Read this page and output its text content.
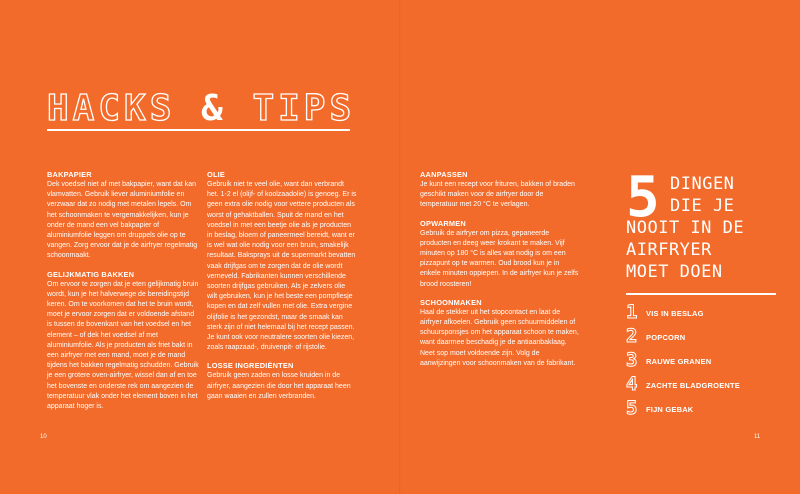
HACKS & TIPS
BAKPAPIER

Dek voedsel niet af met bakpapier, want dat kan vlamvatten. Gebruik liever aluminiumfolie en verzwaar dat zo nodig met metalen lepels. Om het schoonmaken te vergemakkelijken, kun je onder de mand een vel bakpapier of aluminiumfolie leggen om druppels olie op te vangen. Zorg ervoor dat je de airfryer regelmatig schoonmaakt.

GELIJKMATIG BAKKEN

Om ervoor te zorgen dat je eten gelijkmatig bruin wordt, kun je het halverwege de bereidingstijd keren. Om te voorkomen dat het te bruin wordt, moet je ervoor zorgen dat er voldoende afstand is tussen de bovenkant van het voedsel en het element – of dek het voedsel af met aluminiumfolie. Als je producten als friet bakt in een airfryer met een mand, moet je de mand tijdens het bakken regelmatig schudden. Gebruik je een grotere oven-airfryer, wissel dan af en toe het bovenste en onderste rek om aangezien de temperatuur vlak onder het element boven in het apparaat hoger is.

OLIE

Gebruik niet te veel olie, want dan verbrandt het. 1-2 el (olijf- of koolzaadolie) is genoeg. Er is geen extra olie nodig voor vettere producten als worst of gehaktballen. Spuit de mand en het voedsel in met een beetje olie als je producten in beslag, bloem of paneermeel bereidt, want er is wel wat olie nodig voor een bruin, smakelijk resultaat. Baksprays uit de supermarkt bevatten vaak drijfgas om te zorgen dat de olie wordt verneveld. Fabrikanten kunnen verschillende soorten drijfgas gebruiken. Als je zelvers olie wilt gebruiken, kun je het beste een pompflesje kopen en dat zelf vullen met olie. Extra vergine olijfolie is het gezondst, maar de smaak kan sterk zijn of niet helemaal bij het recept passen. Je kunt ook voor neutralere soorten olie kiezen, zoals raapzaad-, druivenpit- of rijstolie.

LOSSE INGREDIËNTEN

Gebruik geen zaden en losse kruiden in de airfryer, aangezien die door het apparaat heen gaan waaien en zullen verbranden.

10
AANPASSEN

Je kunt een recept voor frituren, bakken of braden geschikt maken voor de airfryer door de temperatuur met 20 °C te verlagen.

OPWARMEN

Gebruik de airfryer om pizza, gepaneerde producten en deeg weer krokant te maken. Vijf minuten op 180 °C is alles wat nodig is om een pizzapunt op te warmen. Oud brood kun je in enkele minuten oppiepen. In de airfryer kun je zelfs brood roosteren!

SCHOONMAKEN

Haal de stekker uit het stopcontact en laat de airfryer afkoelen. Gebruik geen schuurmiddelen of schuursponsjes om het apparaat schoon te maken, want daarmee beschadig je de antiaanbaklaag. Neet sop moet voldoende zijn. Volg de aanwijzingen voor schoonmaken van de fabrikant.

5 DINGEN
DIE JE
NOOIT IN DE
AIRFRYER
MOET DOEN
1 VIS IN BESLAG
2 POPCORN
3 RAUWE GRANEN
4 ZACHTE BLADGROENTE
5 FIJN GEBAK
11
